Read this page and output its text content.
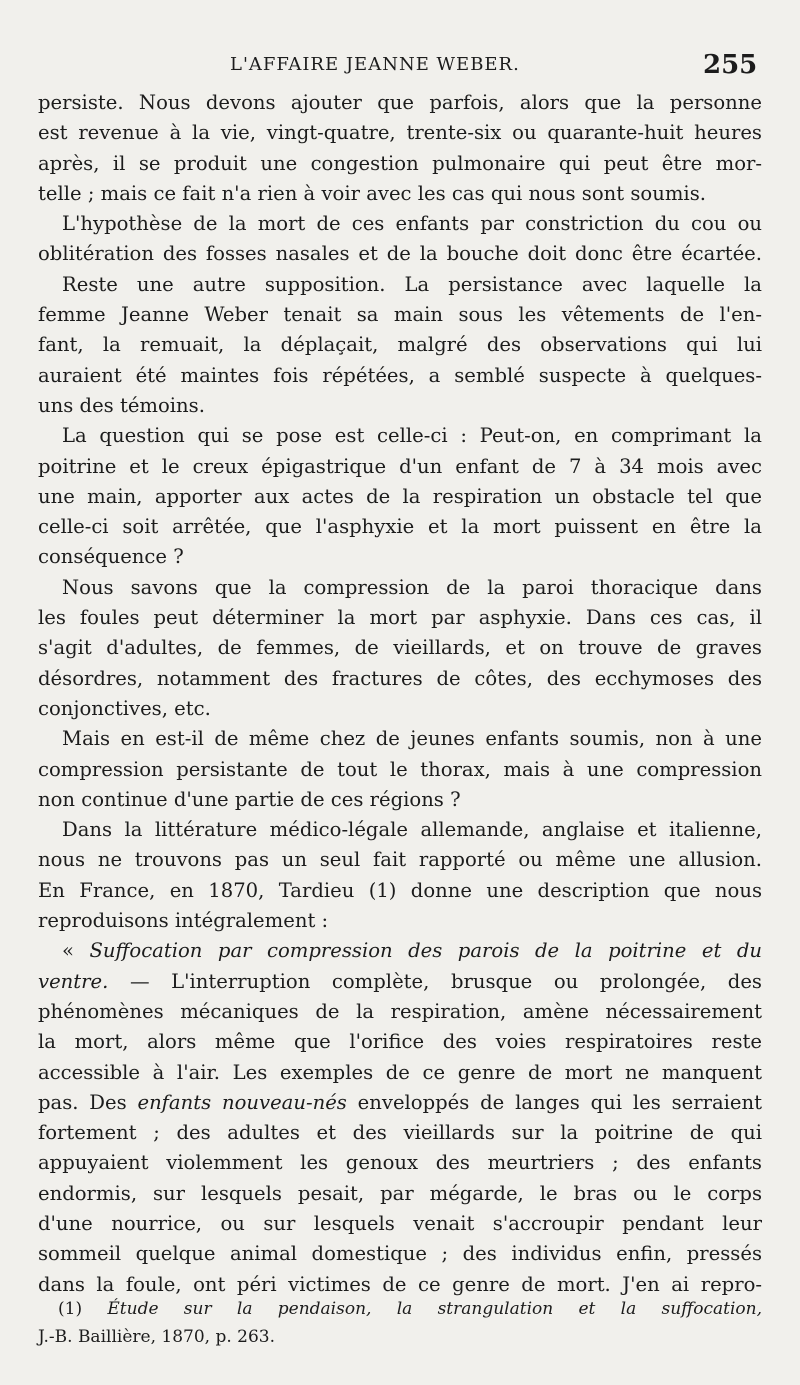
L'AFFAIRE JEANNE WEBER.	255
persiste. Nous devons ajouter que parfois, alors que la personne
est revenue à la vie, vingt-quatre, trente-six ou quarante-huit heures
après, il se produit une congestion pulmonaire qui peut être mor-
telle ; mais ce fait n'a rien à voir avec les cas qui nous sont soumis.
L'hypothèse de la mort de ces enfants par constriction du cou ou
oblitération des fosses nasales et de la bouche doit donc être écartée.
Reste une autre supposition. La persistance avec laquelle la
femme Jeanne Weber tenait sa main sous les vêtements de l'en-
fant, la remuait, la déplaçait, malgré des observations qui lui
auraient été maintes fois répétées, a semblé suspecte à quelques-
uns des témoins.
La question qui se pose est celle-ci : Peut-on, en comprimant la
poitrine et le creux épigastrique d'un enfant de 7 à 34 mois avec
une main, apporter aux actes de la respiration un obstacle tel que
celle-ci soit arrêtée, que l'asphyxie et la mort puissent en être la
conséquence ?
Nous savons que la compression de la paroi thoracique dans
les foules peut déterminer la mort par asphyxie. Dans ces cas, il
s'agit d'adultes, de femmes, de vieillards, et on trouve de graves
désordres, notamment des fractures de côtes, des ecchymoses des
conjonctives, etc.
Mais en est-il de même chez de jeunes enfants soumis, non à une
compression persistante de tout le thorax, mais à une compression
non continue d'une partie de ces régions ?
Dans la littérature médico-légale allemande, anglaise et italienne,
nous ne trouvons pas un seul fait rapporté ou même une allusion.
En France, en 1870, Tardieu (1) donne une description que nous
reproduisons intégralement :
« Suffocation par compression des parois de la poitrine et du
ventre. — L'interruption complète, brusque ou prolongée, des
phénomènes mécaniques de la respiration, amène nécessairement
la mort, alors même que l'orifice des voies respiratoires reste
accessible à l'air. Les exemples de ce genre de mort ne manquent
pas. Des enfants nouveau-nés enveloppés de langes qui les serraient
fortement ; des adultes et des vieillards sur la poitrine de qui
appuyaient violemment les genoux des meurtriers ; des enfants
endormis, sur lesquels pesait, par mégarde, le bras ou le corps
d'une nourrice, ou sur lesquels venait s'accroupir pendant leur
sommeil quelque animal domestique ; des individus enfin, pressés
dans la foule, ont péri victimes de ce genre de mort. J'en ai repro-
(1) Étude sur la pendaison, la strangulation et la suffocation,
J.-B. Baillière, 1870, p. 263.
